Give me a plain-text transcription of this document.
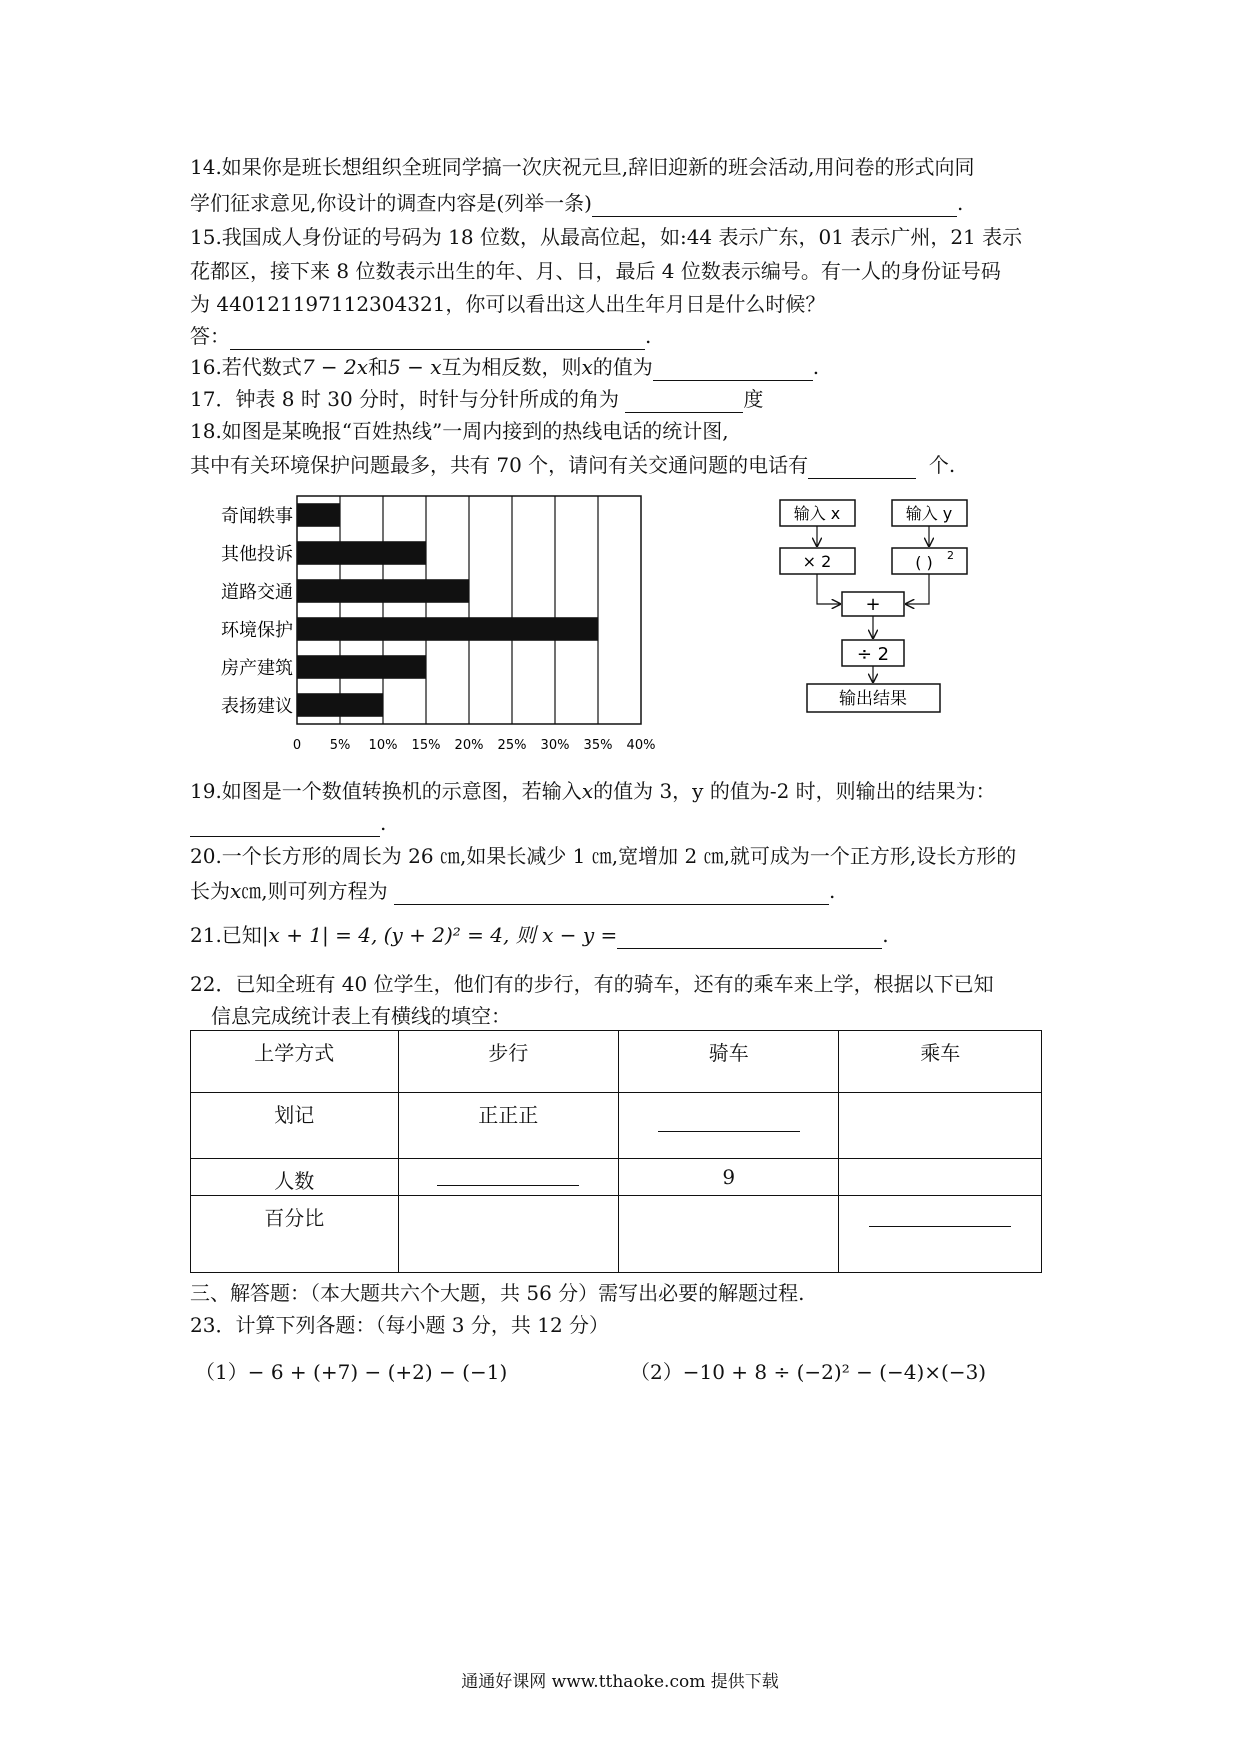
14.如果你是班长想组织全班同学搞一次庆祝元旦,辞旧迎新的班会活动,用问卷的形式向同
学们征求意见,你设计的调查内容是(列举一条)	.
15.我国成人身份证的号码为 18 位数，从最高位起，如:44 表示广东，01 表示广州，21 表示
花都区，接下来 8 位数表示出生的年、月、日，最后 4 位数表示编号。有一人的身份证号码
为 440121197112304321，你可以看出这人出生年月日是什么时候？
答：	.
16.若代数式7 − 2x和5 − x互为相反数，则x的值为	.
17．钟表 8 时 30 分时，时针与分针所成的角为	度
18.如图是某晚报“百姓热线”一周内接到的热线电话的统计图,
其中有关环境保护问题最多，共有 70 个，请问有关交通问题的电话有	个.
0 5% 10% 15% 20% 25% 30% 35% 40%
奇闻轶事
其他投诉
道路交通
环境保护
房产建筑
表扬建议
输入 x	输入 y
× 2	( ) 2
+
÷ 2
输出结果
19.如图是一个数值转换机的示意图，若输入x的值为 3，y 的值为-2 时，则输出的结果为：
.
20.一个长方形的周长为 26 ㎝,如果长减少 1 ㎝,宽增加 2 ㎝,就可成为一个正方形,设长方形的
长为x㎝,则可列方程为	.
21.已知|x + 1| = 4, (y + 2)² = 4, 则 x − y =	.
22．已知全班有 40 位学生，他们有的步行，有的骑车，还有的乘车来上学，根据以下已知
信息完成统计表上有横线的填空：
上学方式	步行	骑车	乘车
划记	正正正		
人数		9	
百分比			
三、解答题：（本大题共六个大题，共 56 分）需写出必要的解题过程.
23．计算下列各题：（每小题 3 分，共 12 分）
（1）− 6 + (+7) − (+2) − (−1)	（2）−10 + 8 ÷ (−2)² − (−4)×(−3)
通通好课网 www.tthaoke.com 提供下载
